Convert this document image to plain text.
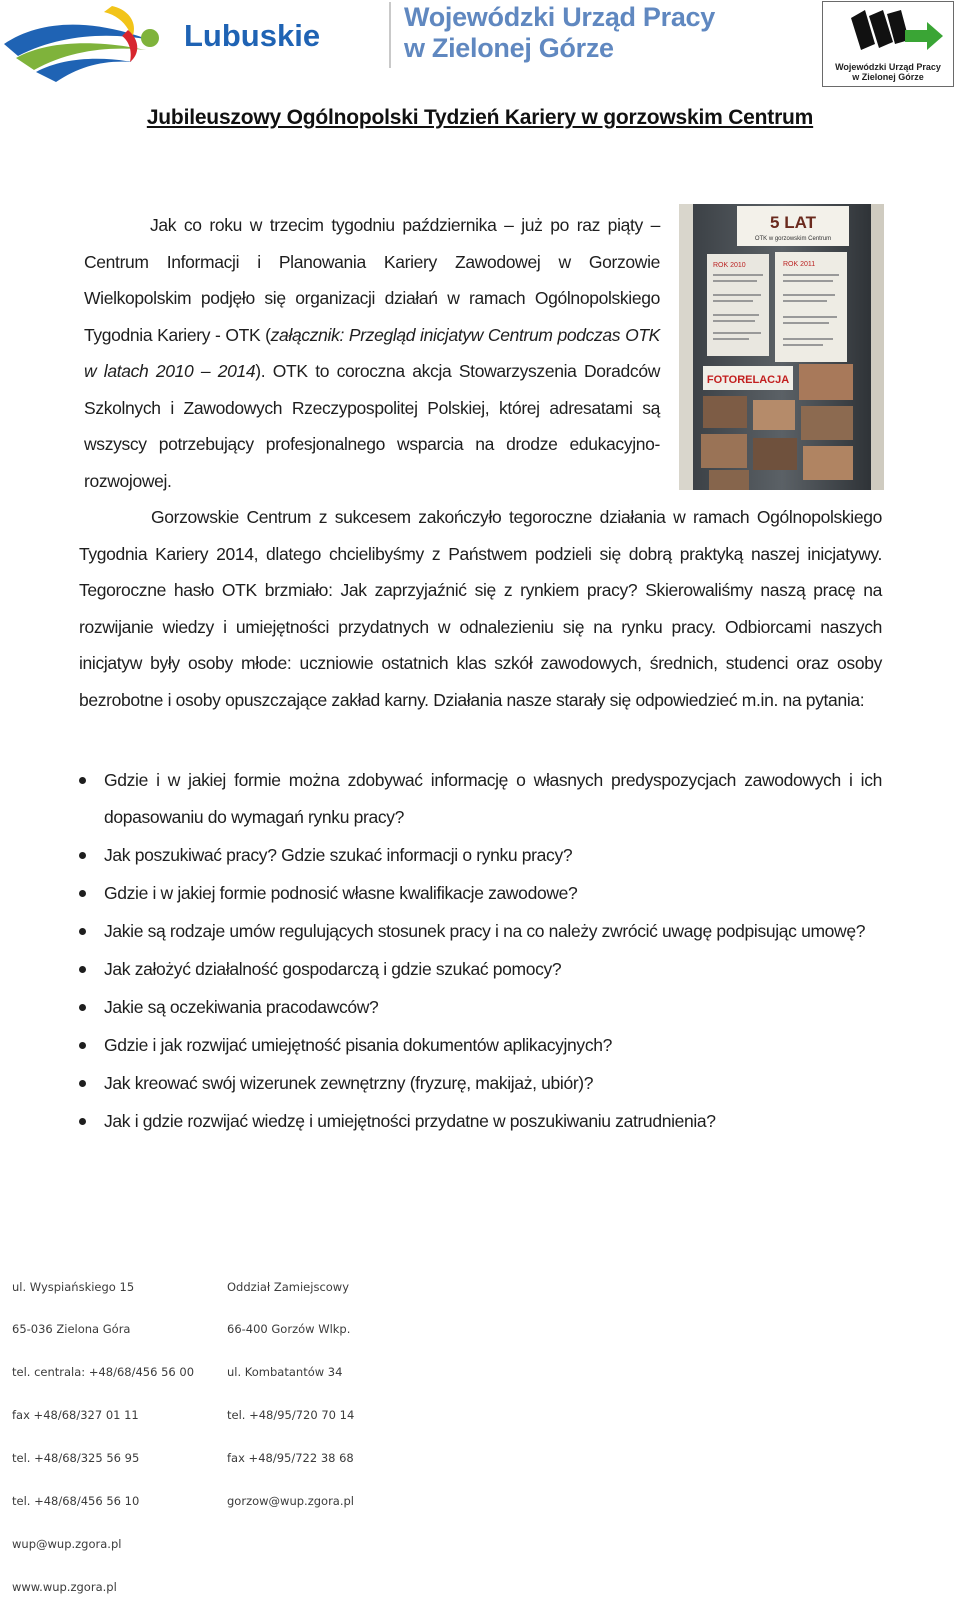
Lubuskie
Wojewódzki Urząd Pracy
w Zielonej Górze
Wojewódzki Urząd Pracy
w Zielonej Górze
Jubileuszowy Ogólnopolski Tydzień Kariery w gorzowskim Centrum
Jak co roku w trzecim tygodniu października – już po raz piąty – Centrum Informacji i Planowania Kariery Zawodowej w Gorzowie Wielkopolskim podjęło się organizacji działań w ramach Ogólnopolskiego Tygodnia Kariery - OTK (załącznik: Przegląd inicjatyw Centrum podczas OTK w latach 2010 – 2014). OTK to coroczna akcja Stowarzyszenia Doradców Szkolnych i Zawodowych Rzeczypospolitej Polskiej, której adresatami są wszyscy potrzebujący profesjonalnego wsparcia na drodze edukacyjno-rozwojowej.
5 LAT
OTK w gorzowskim Centrum
ROK 2010	ROK 2011
FOTORELACJA
Gorzowskie Centrum z sukcesem zakończyło tegoroczne działania w ramach Ogólnopolskiego Tygodnia Kariery 2014, dlatego chcielibyśmy z Państwem podzieli się dobrą praktyką naszej inicjatywy. Tegoroczne hasło OTK brzmiało: Jak zaprzyjaźnić się z rynkiem pracy? Skierowaliśmy naszą pracę na rozwijanie wiedzy i umiejętności przydatnych w odnalezieniu się na rynku pracy. Odbiorcami naszych inicjatyw były osoby młode: uczniowie ostatnich klas szkół zawodowych, średnich, studenci oraz osoby bezrobotne i osoby opuszczające zakład karny. Działania nasze starały się odpowiedzieć m.in. na pytania:
Gdzie i w jakiej formie można zdobywać informację o własnych predyspozycjach zawodowych i ich dopasowaniu do wymagań rynku pracy?
Jak poszukiwać pracy? Gdzie szukać informacji o rynku pracy?
Gdzie i w jakiej formie podnosić własne kwalifikacje zawodowe?
Jakie są rodzaje umów regulujących stosunek pracy i na co należy zwrócić uwagę podpisując umowę?
Jak założyć działalność gospodarczą i gdzie szukać pomocy?
Jakie są oczekiwania pracodawców?
Gdzie i jak rozwijać umiejętność pisania dokumentów aplikacyjnych?
Jak kreować swój wizerunek zewnętrzny (fryzurę, makijaż, ubiór)?
Jak i gdzie rozwijać wiedzę i umiejętności przydatne w poszukiwaniu zatrudnienia?

ul. Wyspiańskiego 15

65-036 Zielona Góra

tel. centrala: +48/68/456 56 00

fax +48/68/327 01 11

tel. +48/68/325 56 95

tel. +48/68/456 56 10

wup@wup.zgora.pl

www.wup.zgora.pl

Oddział Zamiejscowy

66-400 Gorzów Wlkp.

ul. Kombatantów 34

tel. +48/95/720 70 14

fax +48/95/722 38 68

gorzow@wup.zgora.pl
